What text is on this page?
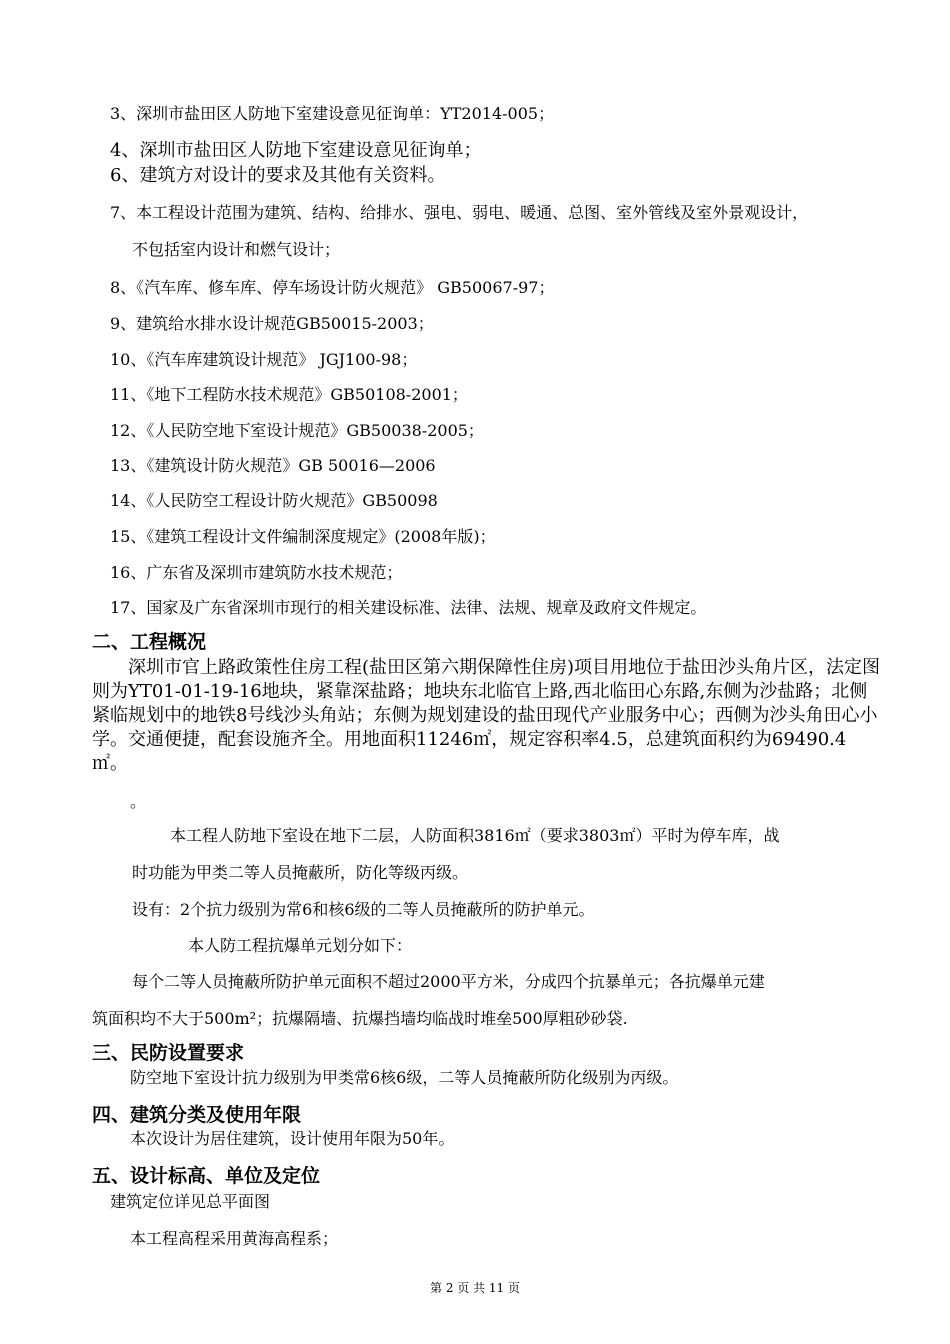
3、深圳市盐田区人防地下室建设意见征询单：YT2014-005；
4、深圳市盐田区人防地下室建设意见征询单；
6、建筑方对设计的要求及其他有关资料。
7、本工程设计范围为建筑、结构、给排水、强电、弱电、暖通、总图、室外管线及室外景观设计，
不包括室内设计和燃气设计；
8、《汽车库、修车库、停车场设计防火规范》 GB50067-97；
9、建筑给水排水设计规范GB50015-2003；
10、《汽车库建筑设计规范》 JGJ100-98；
11、《地下工程防水技术规范》GB50108-2001；
12、《人民防空地下室设计规范》GB50038-2005；
13、《建筑设计防火规范》GB 50016—2006
14、《人民防空工程设计防火规范》GB50098
15、《建筑工程设计文件编制深度规定》(2008年版)；
16、广东省及深圳市建筑防水技术规范；
17、国家及广东省深圳市现行的相关建设标准、法律、法规、规章及政府文件规定。
二、工程概况
深圳市官上路政策性住房工程(盐田区第六期保障性住房)项目用地位于盐田沙头角片区，法定图则为YT01-01-19-16地块，紧靠深盐路；地块东北临官上路,西北临田心东路,东侧为沙盐路；北侧紧临规划中的地铁8号线沙头角站；东侧为规划建设的盐田现代产业服务中心；西侧为沙头角田心小学。交通便捷，配套设施齐全。用地面积11246㎡，规定容积率4.5，总建筑面积约为69490.4㎡。
。
本工程人防地下室设在地下二层，人防面积3816㎡（要求3803㎡）平时为停车库，战
时功能为甲类二等人员掩蔽所，防化等级丙级。
设有：2个抗力级别为常6和核6级的二等人员掩蔽所的防护单元。
本人防工程抗爆单元划分如下：
每个二等人员掩蔽所防护单元面积不超过2000平方米，分成四个抗暴单元；各抗爆单元建
筑面积均不大于500m²；抗爆隔墙、抗爆挡墙均临战时堆垒500厚粗砂砂袋.
三、民防设置要求
防空地下室设计抗力级别为甲类常6核6级，二等人员掩蔽所防化级别为丙级。
四、建筑分类及使用年限
本次设计为居住建筑，设计使用年限为50年。
五、设计标高、单位及定位
建筑定位详见总平面图
本工程高程采用黄海高程系；
第 2 页 共 11 页
